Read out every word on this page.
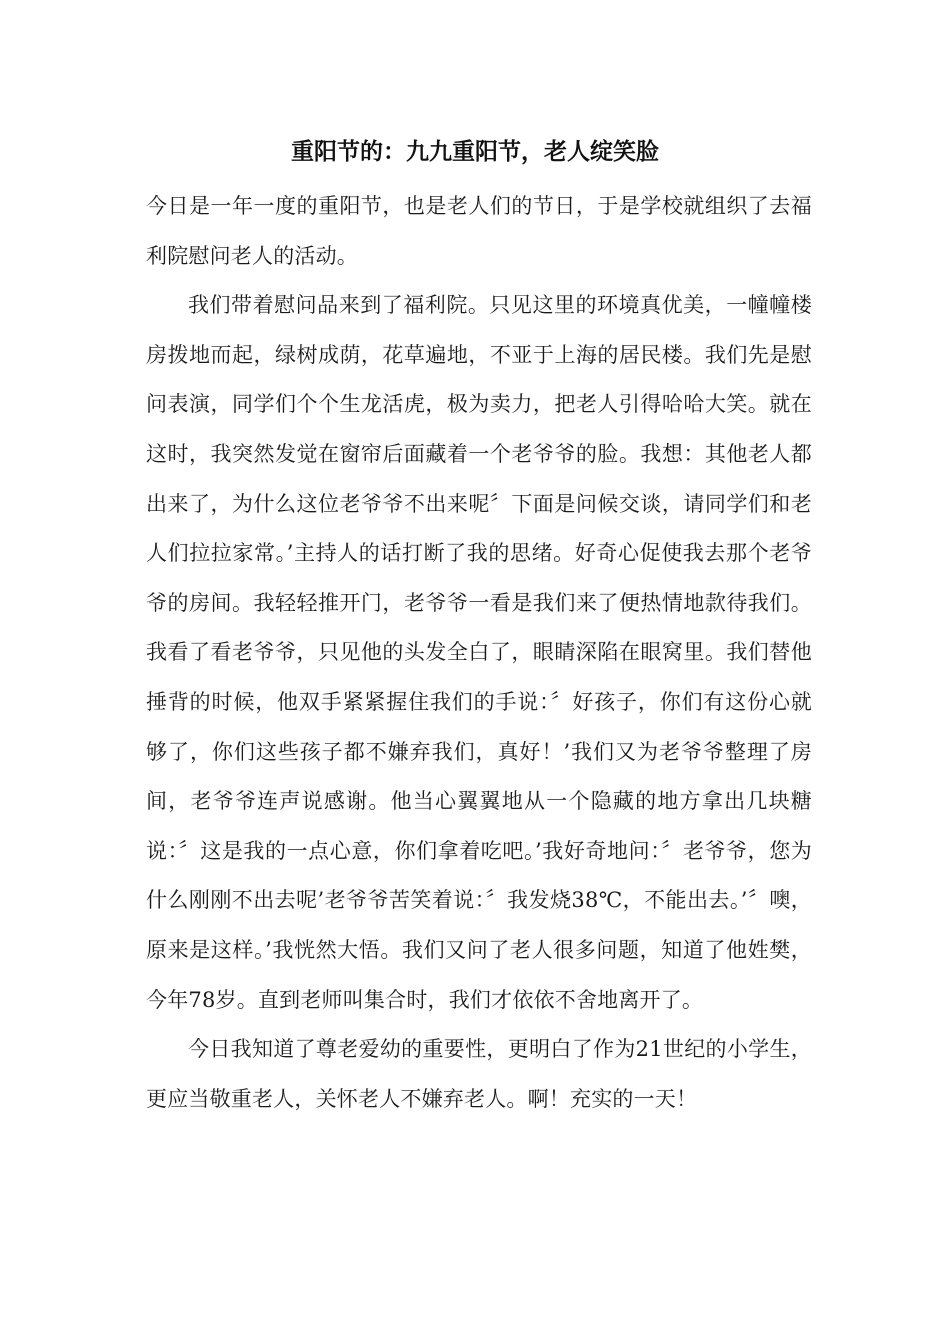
重阳节的：九九重阳节，老人绽笑脸

今日是一年一度的重阳节，也是老人们的节日，于是学校就组织了去福利院慰问老人的活动。

我们带着慰问品来到了福利院。只见这里的环境真优美，一幢幢楼房拨地而起，绿树成荫，花草遍地，不亚于上海的居民楼。我们先是慰问表演，同学们个个生龙活虎，极为卖力，把老人引得哈哈大笑。就在这时，我突然发觉在窗帘后面藏着一个老爷爷的脸。我想：其他老人都出来了，为什么这位老爷爷不出来呢〞下面是问候交谈，请同学们和老人们拉拉家常。’主持人的话打断了我的思绪。好奇心促使我去那个老爷爷的房间。我轻轻推开门，老爷爷一看是我们来了便热情地款待我们。我看了看老爷爷，只见他的头发全白了，眼睛深陷在眼窝里。我们替他捶背的时候，他双手紧紧握住我们的手说：〞好孩子，你们有这份心就够了，你们这些孩子都不嫌弃我们，真好！’我们又为老爷爷整理了房间，老爷爷连声说感谢。他当心翼翼地从一个隐藏的地方拿出几块糖说：〞这是我的一点心意，你们拿着吃吧。’我好奇地问：〞老爷爷，您为什么刚刚不出去呢’老爷爷苦笑着说：〞我发烧38℃，不能出去。’〞噢，原来是这样。’我恍然大悟。我们又问了老人很多问题，知道了他姓樊，今年78岁。直到老师叫集合时，我们才依依不舍地离开了。

今日我知道了尊老爱幼的重要性，更明白了作为21世纪的小学生，更应当敬重老人，关怀老人不嫌弃老人。啊！充实的一天！
